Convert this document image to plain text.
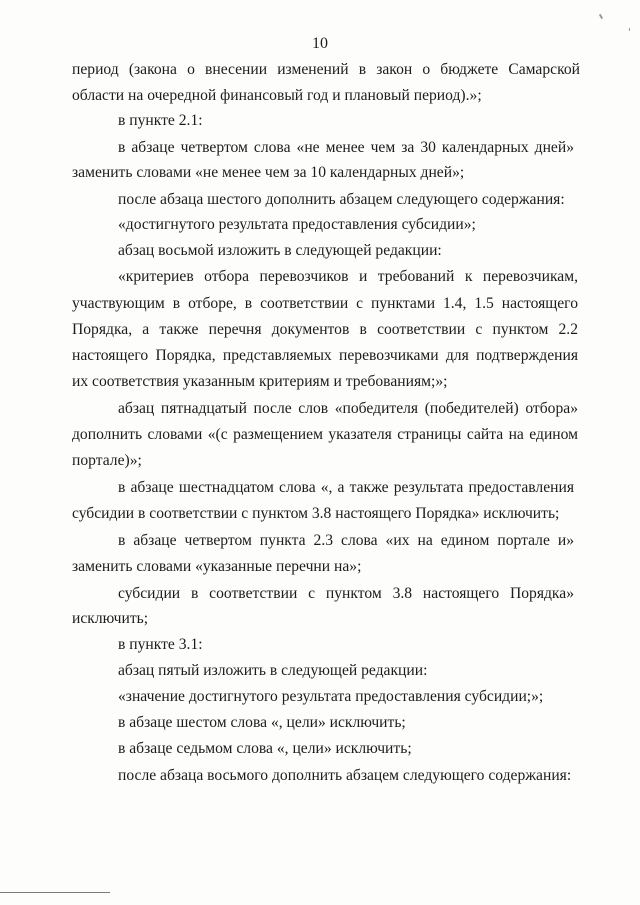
10
период (закона о внесении изменений в закон о бюджете Самарской
области на очередной финансовый год и плановый период).»;
в пункте 2.1:
в абзаце четвертом слова «не менее чем за 30 календарных дней»
заменить словами «не менее чем за 10 календарных дней»;
после абзаца шестого дополнить абзацем следующего содержания:
«достигнутого результата предоставления субсидии»;
абзац восьмой изложить в следующей редакции:
«критериев отбора перевозчиков и требований к перевозчикам,
участвующим в отборе, в соответствии с пунктами 1.4, 1.5 настоящего
Порядка, а также перечня документов в соответствии с пунктом 2.2
настоящего Порядка, представляемых перевозчиками для подтверждения
их соответствия указанным критериям и требованиям;»;
абзац пятнадцатый после слов «победителя (победителей) отбора»
дополнить словами «(с размещением указателя страницы сайта на едином
портале)»;
в абзаце шестнадцатом слова «, а также результата предоставления
субсидии в соответствии с пунктом 3.8 настоящего Порядка» исключить;
в абзаце четвертом пункта 2.3 слова «их на едином портале и»
заменить словами «указанные перечни на»;
субсидии в соответствии с пунктом 3.8 настоящего Порядка»
исключить;
в пункте 3.1:
абзац пятый изложить в следующей редакции:
«значение достигнутого результата предоставления субсидии;»;
в абзаце шестом слова «, цели» исключить;
в абзаце седьмом слова «, цели» исключить;
после абзаца восьмого дополнить абзацем следующего содержания:
